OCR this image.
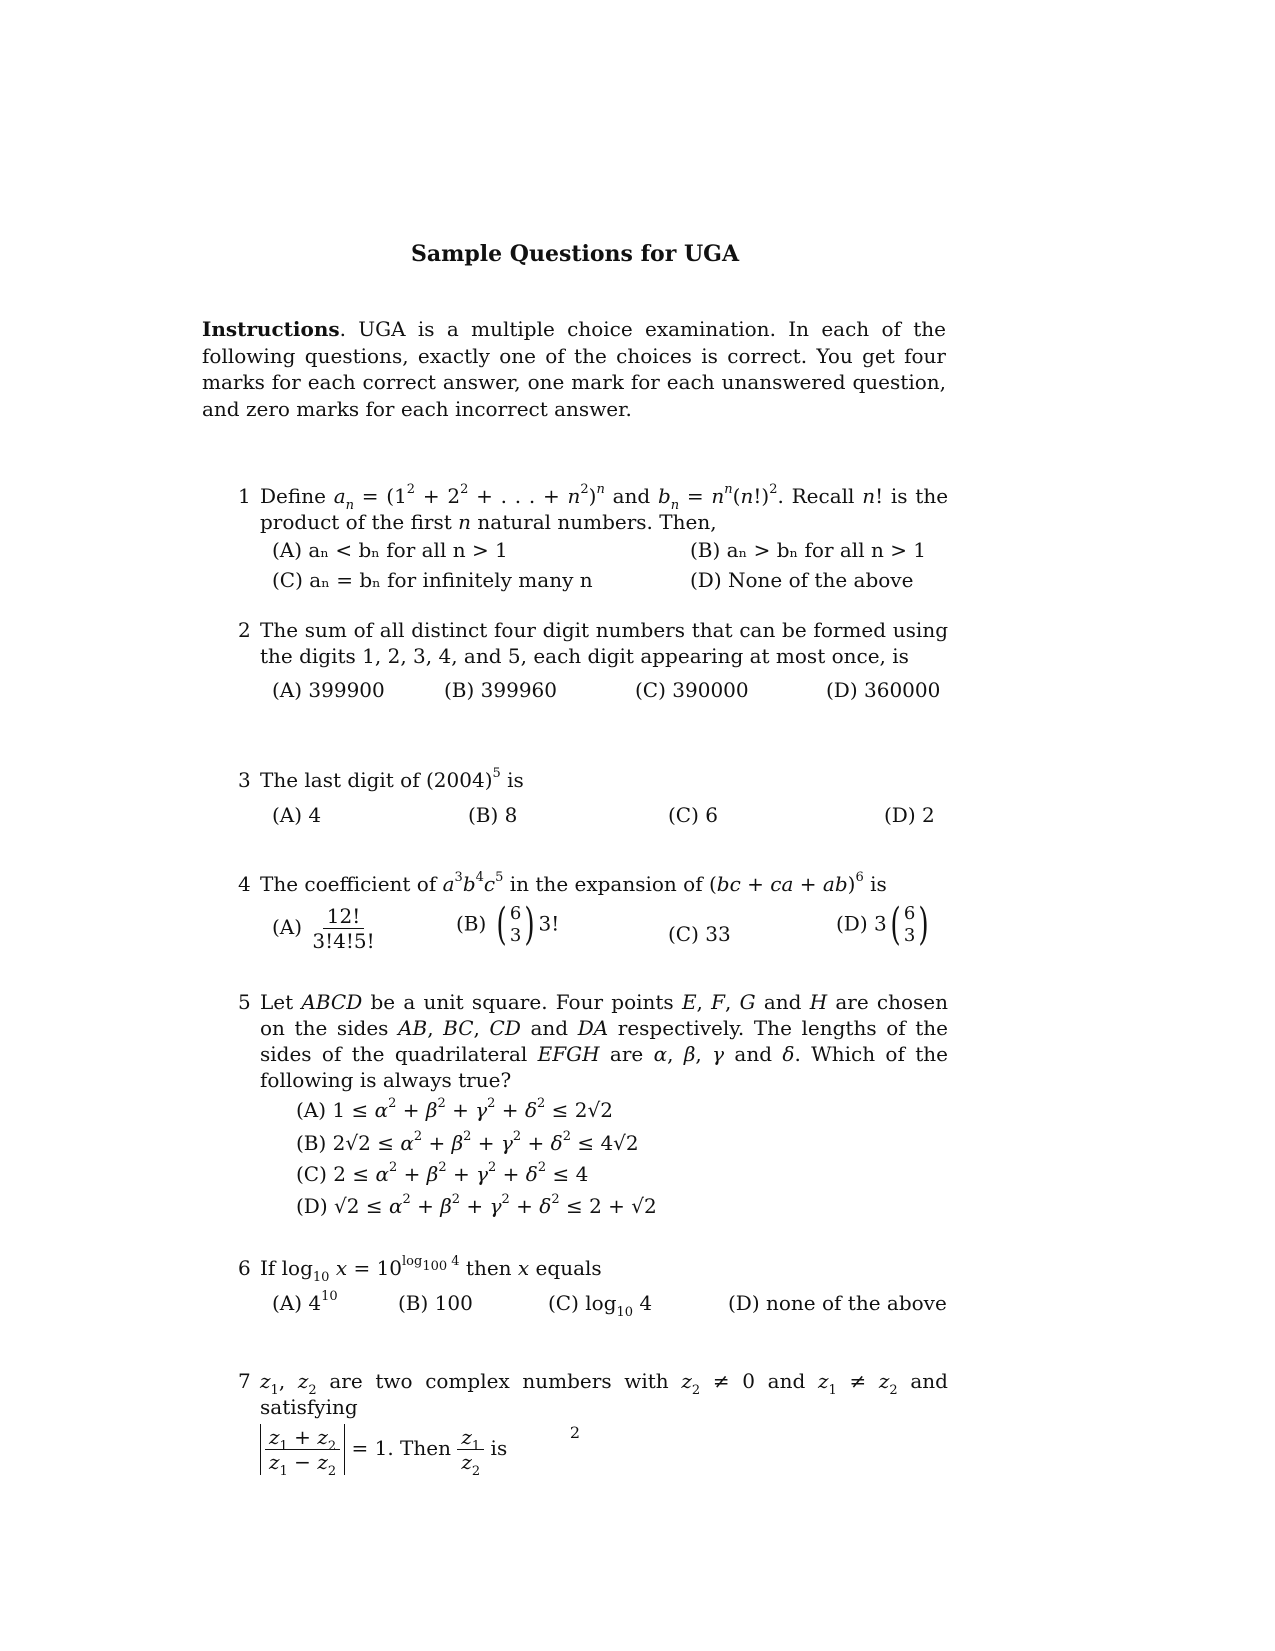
Sample Questions for UGA
Instructions. UGA is a multiple choice examination. In each of the following questions, exactly one of the choices is correct. You get four marks for each correct answer, one mark for each unanswered question, and zero marks for each incorrect answer.
1 Define $a_n = (1^2 + 2^2$ + . . . + $n^2)^n$ and $b_n = n^n(n!)^2$. Recall n! is the product of the first n natural numbers. Then,
(A) aₙ < bₙ for all n > 1	(B) aₙ > bₙ for all n > 1
(C) aₙ = bₙ for infinitely many n	(D) None of the above
2 The sum of all distinct four digit numbers that can be formed using the digits 1, 2, 3, 4, and 5, each digit appearing at most once, is
(A) 399900	(B) 399960	(C) 390000	(D) 360000
3 The last digit of $(2004)^5$ is
(A) 4	(B) 8	(C) 6	(D) 2
4 The coefficient of $a^3b^4c^5$ in the expansion of (bc + ca + ab)$^6$ is
$(A) \frac{12!}{3!4!5!}$	(B) ( 6
3 ) 3!	(C) 33	(D) 3 ( 6
3 )
5 Let ABCD be a unit square. Four points E, F, G and H are chosen on the sides AB, BC, CD and DA respectively. The lengths of the sides of the quadrilateral EFGH are α, β, γ and δ. Which of the following is always true?
(A) $1 \le \alpha^2 + \beta^2 + \gamma^2 + \delta^2 \le 2√2$
(B) $2√2 \le \alpha^2 + \beta^2 + \gamma^2 + \delta^2 \le 4√2$
(C) $2 \le \alpha^2 + \beta^2 + \gamma^2 + \delta^2 \le 4$
(D) $√2 \le \alpha^2 + \beta^2 + \gamma^2 + \delta^2 \le 2 + √2$
6 If $\log_{10} x = 10^{log_{100} 4}$ then x equals
(A) $4^{10}$	(B) 100	(C) $\log_{10} 4$	(D) none of the above
7 $z_1$, $z_2$ are two complex numbers with $z_2 \ne 0$ and $z_1 \ne z_2$ and satisfying
$\frac{z_1 + z_2}{z_1 - z_2} = 1$. Then $\frac{z_1}{z_2}$ is
2
